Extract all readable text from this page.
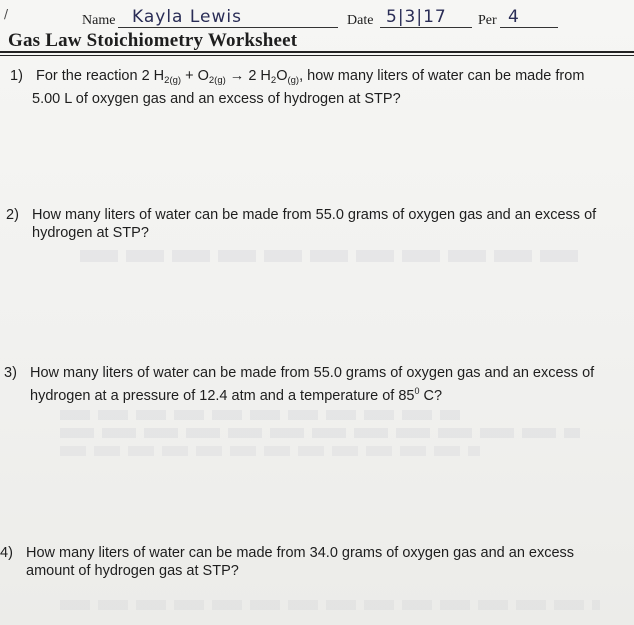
/	Name Kayla Lewis	Date 5|3|17	Per 4
Gas Law Stoichiometry Worksheet
1) For the reaction 2 $H_{2(g)} + O_{2(g)} \to 2$ $H_2O_{(g)}$, how many liters of water can be made from
5.00 L of oxygen gas and an excess of hydrogen at STP?
2) How many liters of water can be made from 55.0 grams of oxygen gas and an excess of
hydrogen at STP?
3) How many liters of water can be made from 55.0 grams of oxygen gas and an excess of
hydrogen at a pressure of 12.4 atm and a temperature of $85^0$ C?
4) How many liters of water can be made from 34.0 grams of oxygen gas and an excess
amount of hydrogen gas at STP?
